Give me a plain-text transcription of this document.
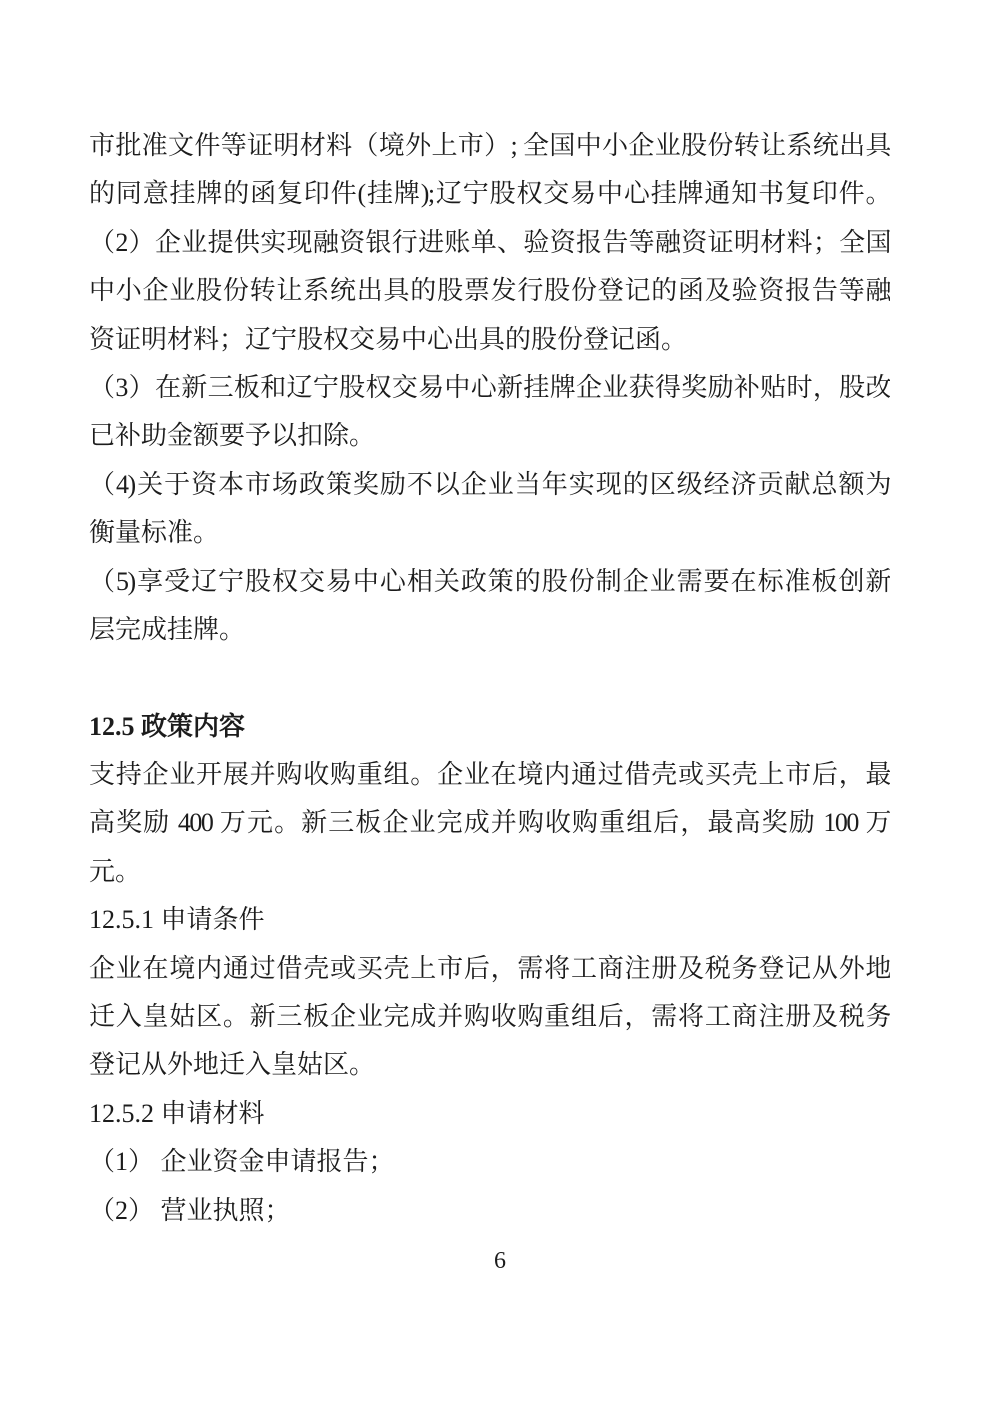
市批准文件等证明材料（境外上市）; 全国中小企业股份转让系统出具
的同意挂牌的函复印件(挂牌);辽宁股权交易中心挂牌通知书复印件。
（2）企业提供实现融资银行进账单、验资报告等融资证明材料；全国
中小企业股份转让系统出具的股票发行股份登记的函及验资报告等融
资证明材料；辽宁股权交易中心出具的股份登记函。
（3）在新三板和辽宁股权交易中心新挂牌企业获得奖励补贴时，股改
已补助金额要予以扣除。
（4)关于资本市场政策奖励不以企业当年实现的区级经济贡献总额为
衡量标准。
（5)享受辽宁股权交易中心相关政策的股份制企业需要在标准板创新
层完成挂牌。
12.5 政策内容
支持企业开展并购收购重组。企业在境内通过借壳或买壳上市后，最
高奖励 400 万元。新三板企业完成并购收购重组后，最高奖励 100 万
元。
12.5.1 申请条件
企业在境内通过借壳或买壳上市后，需将工商注册及税务登记从外地
迁入皇姑区。新三板企业完成并购收购重组后，需将工商注册及税务
登记从外地迁入皇姑区。
12.5.2 申请材料
（1） 企业资金申请报告；
（2） 营业执照；
6
